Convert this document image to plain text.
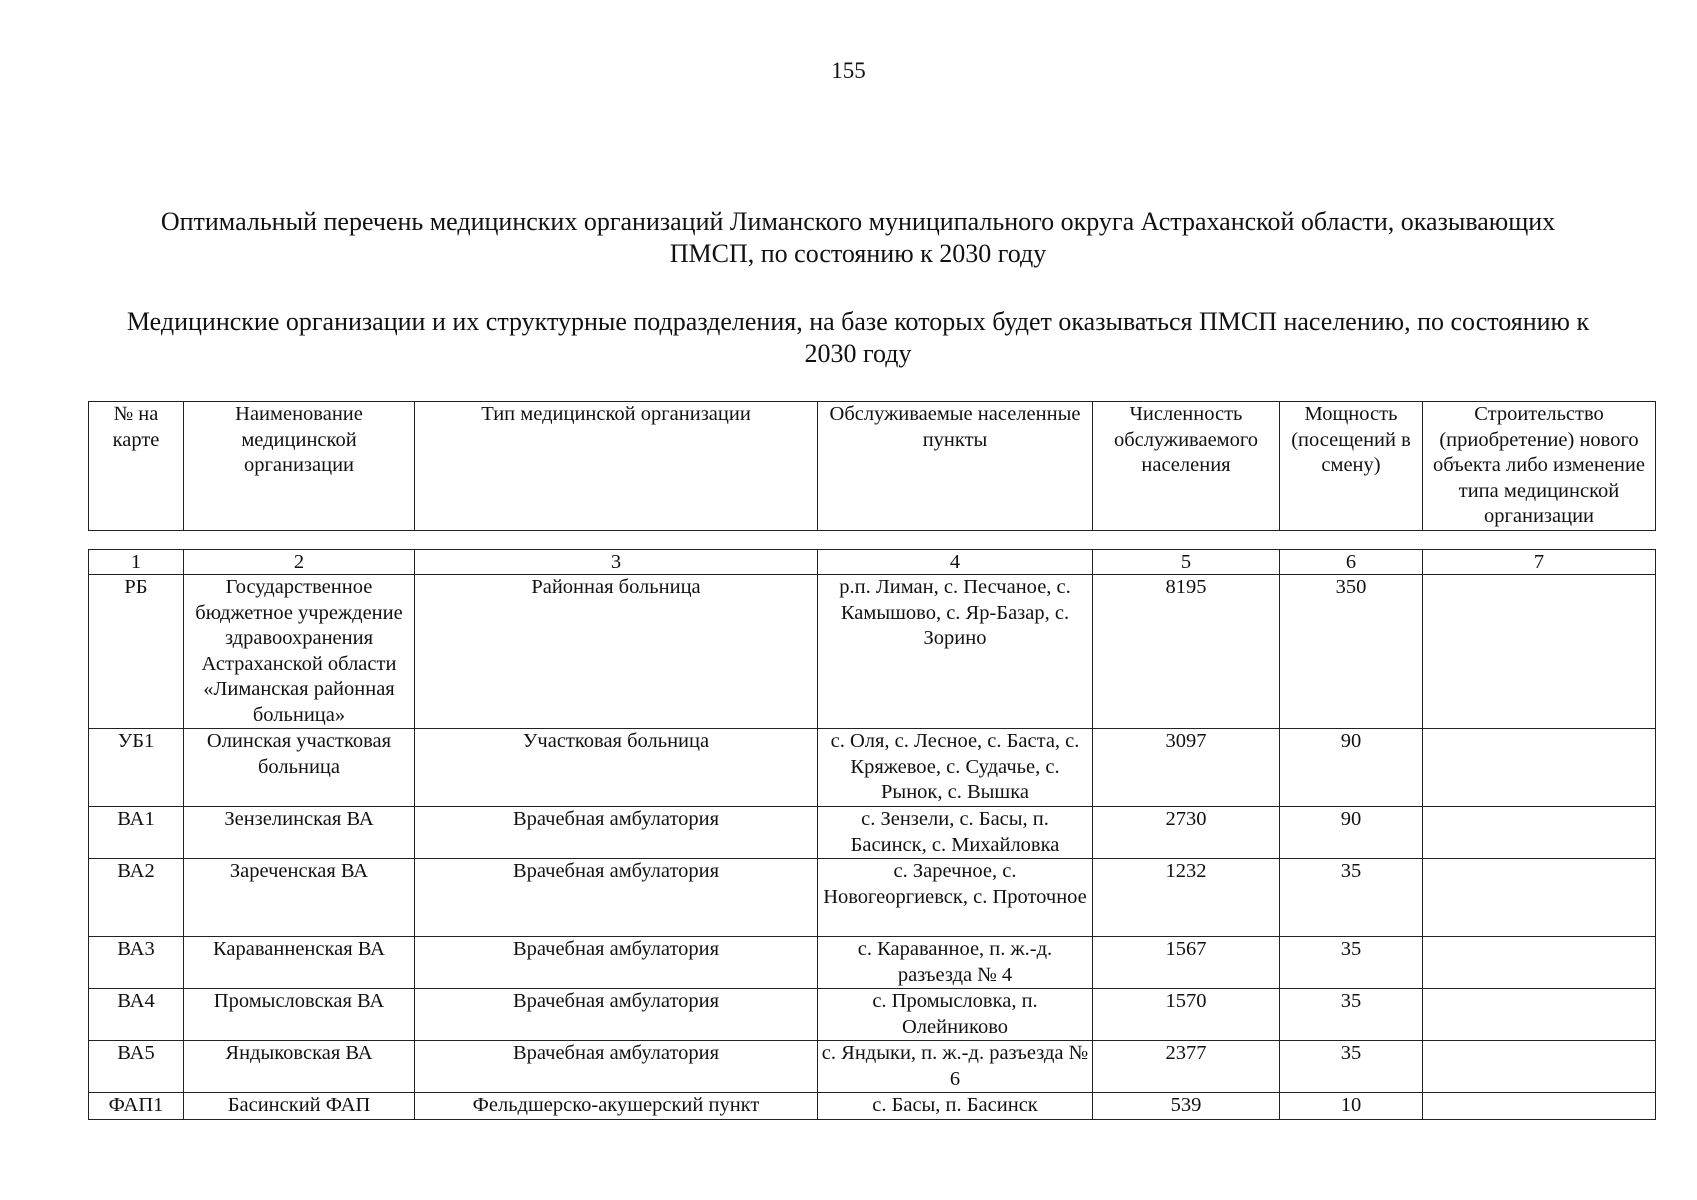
155
Оптимальный перечень медицинских организаций Лиманского муниципального округа Астраханской области, оказывающих ПМСП, по состоянию к 2030 году
Медицинские организации и их структурные подразделения, на базе которых будет оказываться ПМСП населению, по состоянию к 2030 году
№ на карте	Наименование медицинской организации	Тип медицинской организации	Обслуживаемые населенные пункты	Численность обслуживаемого населения	Мощность (посещений в смену)	Строительство (приобретение) нового объекта либо изменение типа медицинской организации
1	2	3	4	5	6	7
РБ	Государственное бюджетное учреждение здравоохранения Астраханской области «Лиманская районная больница»	Районная больница	р.п. Лиман, с. Песчаное, с. Камышово, с. Яр-Базар, с. Зорино	8195	350	
УБ1	Олинская участковая больница	Участковая больница	с. Оля, с. Лесное, с. Баста, с. Кряжевое, с. Судачье, с. Рынок, с. Вышка	3097	90	
ВА1	Зензелинская ВА	Врачебная амбулатория	с. Зензели, с. Басы, п. Басинск, с. Михайловка	2730	90	
ВА2	Зареченская ВА	Врачебная амбулатория	с. Заречное, с. Новогеоргиевск, с. Проточное	1232	35	
ВА3	Караванненская ВА	Врачебная амбулатория	с. Караванное, п. ж.-д. разъезда № 4	1567	35	
ВА4	Промысловская ВА	Врачебная амбулатория	с. Промысловка, п. Олейниково	1570	35	
ВА5	Яндыковская ВА	Врачебная амбулатория	с. Яндыки, п. ж.-д. разъезда № 6	2377	35	
ФАП1	Басинский ФАП	Фельдшерско-акушерский пункт	с. Басы, п. Басинск	539	10	
